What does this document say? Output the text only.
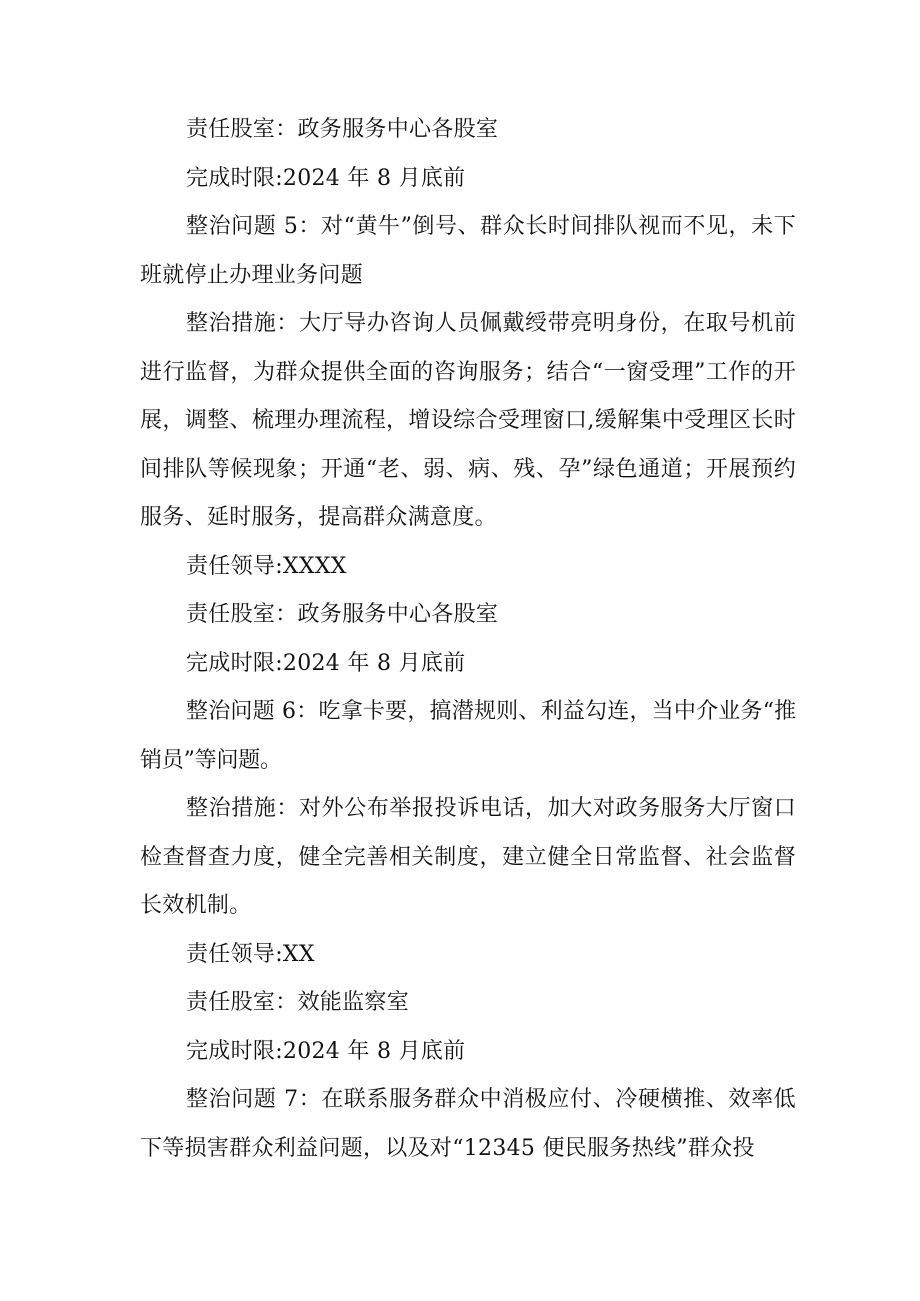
责任股室：政务服务中心各股室

完成时限:2024 年 8 月底前

整治问题 5：对“黄牛”倒号、群众长时间排队视而不见，未下班就停止办理业务问题

整治措施：大厅导办咨询人员佩戴绶带亮明身份，在取号机前进行监督，为群众提供全面的咨询服务；结合“一窗受理”工作的开展，调整、梳理办理流程，增设综合受理窗口,缓解集中受理区长时间排队等候现象；开通“老、弱、病、残、孕”绿色通道；开展预约服务、延时服务，提高群众满意度。

责任领导:XXXX

责任股室：政务服务中心各股室

完成时限:2024 年 8 月底前

整治问题 6：吃拿卡要，搞潜规则、利益勾连，当中介业务“推销员”等问题。

整治措施：对外公布举报投诉电话，加大对政务服务大厅窗口检查督查力度，健全完善相关制度，建立健全日常监督、社会监督长效机制。

责任领导:XX

责任股室：效能监察室

完成时限:2024 年 8 月底前

整治问题 7：在联系服务群众中消极应付、冷硬横推、效率低下等损害群众利益问题，以及对“12345 便民服务热线”群众投
